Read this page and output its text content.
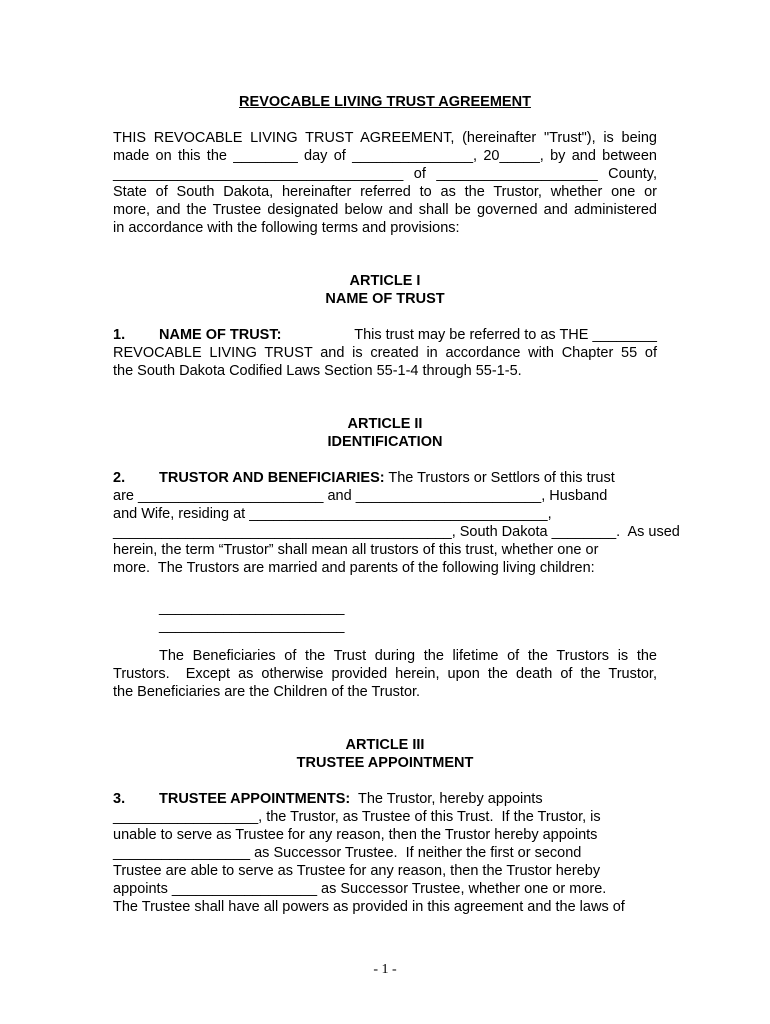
REVOCABLE LIVING TRUST AGREEMENT
THIS REVOCABLE LIVING TRUST AGREEMENT, (hereinafter "Trust"), is being
made on this the ________ day of _______________, 20_____, by and between
____________________________________ of ____________________ County,
State of South Dakota, hereinafter referred to as the Trustor, whether one or
more, and the Trustee designated below and shall be governed and administered
in accordance with the following terms and provisions:
ARTICLE I
NAME OF TRUST
1.	NAME OF TRUST:	This trust may be referred to as THE ________
REVOCABLE LIVING TRUST and is created in accordance with Chapter 55 of
the South Dakota Codified Laws Section 55-1-4 through 55-1-5.
ARTICLE II
IDENTIFICATION
2. TRUSTOR AND BENEFICIARIES: The Trustors or Settlors of this trust
are _______________________ and _______________________, Husband
and Wife, residing at _____________________________________,
__________________________________________, South Dakota ________.  As used
herein, the term “Trustor” shall mean all trustors of this trust, whether one or
more.  The Trustors are married and parents of the following living children:
_______________________
_______________________
The Beneficiaries of the Trust during the lifetime of the Trustors is the
Trustors.  Except as otherwise provided herein, upon the death of the Trustor,
the Beneficiaries are the Children of the Trustor.
ARTICLE III
TRUSTEE APPOINTMENT
3. TRUSTEE APPOINTMENTS:  The Trustor, hereby appoints
__________________, the Trustor, as Trustee of this Trust.  If the Trustor, is
unable to serve as Trustee for any reason, then the Trustor hereby appoints
_________________ as Successor Trustee.  If neither the first or second
Trustee are able to serve as Trustee for any reason, then the Trustor hereby
appoints __________________ as Successor Trustee, whether one or more.
The Trustee shall have all powers as provided in this agreement and the laws of
- 1 -
